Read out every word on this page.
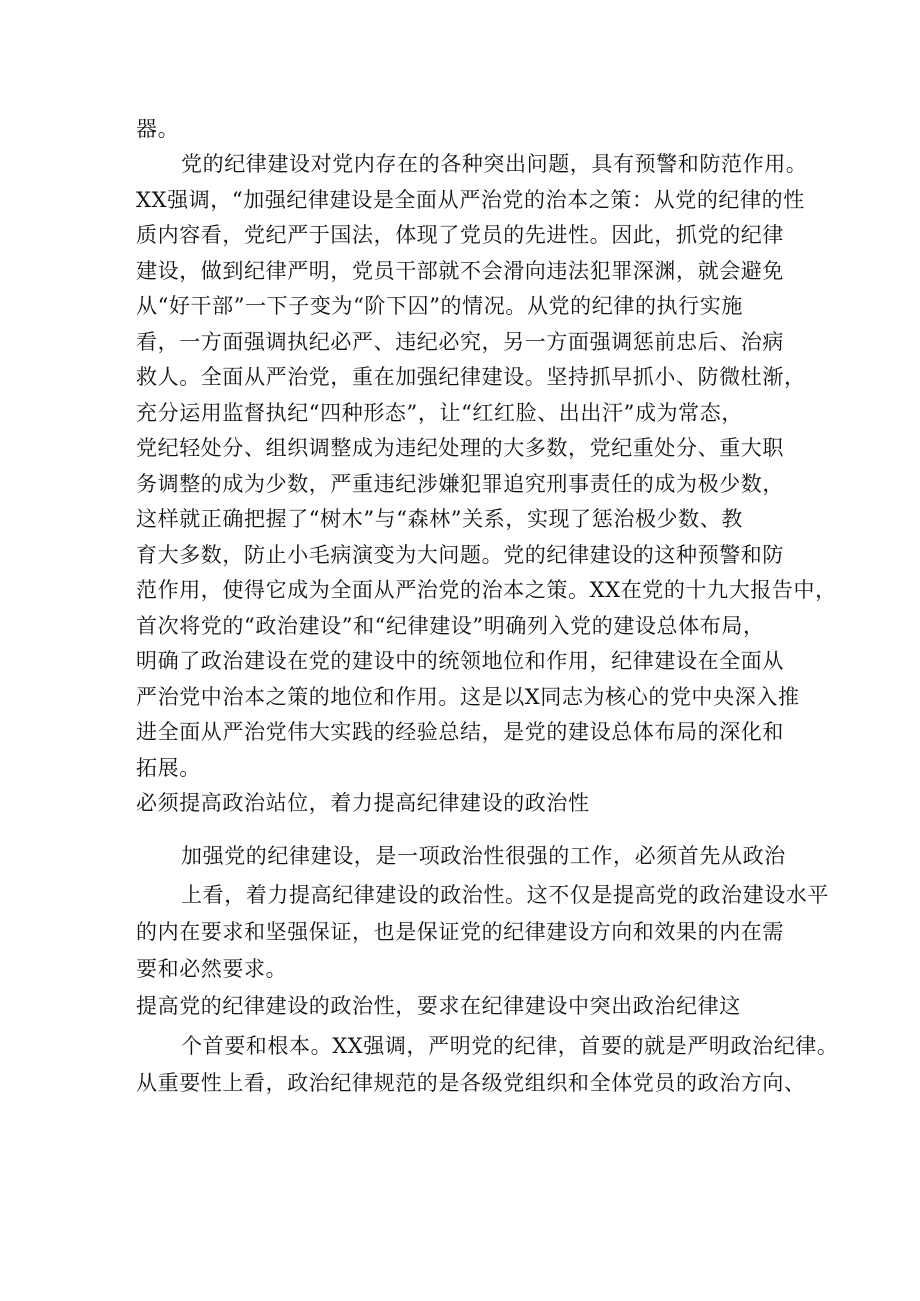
器。
党的纪律建设对党内存在的各种突出问题，具有预警和防范作用。
XX强调，“加强纪律建设是全面从严治党的治本之策：从党的纪律的性
质内容看，党纪严于国法，体现了党员的先进性。因此，抓党的纪律
建设，做到纪律严明，党员干部就不会滑向违法犯罪深渊，就会避免
从“好干部”一下子变为“阶下囚”的情况。从党的纪律的执行实施
看，一方面强调执纪必严、违纪必究，另一方面强调惩前忠后、治病
救人。全面从严治党，重在加强纪律建设。坚持抓早抓小、防微杜渐，
充分运用监督执纪“四种形态”，让“红红脸、出出汗”成为常态，
党纪轻处分、组织调整成为违纪处理的大多数，党纪重处分、重大职
务调整的成为少数，严重违纪涉嫌犯罪追究刑事责任的成为极少数，
这样就正确把握了“树木”与“森林”关系，实现了惩治极少数、教
育大多数，防止小毛病演变为大问题。党的纪律建设的这种预警和防
范作用，使得它成为全面从严治党的治本之策。XX在党的十九大报告中，
首次将党的“政治建设”和“纪律建设”明确列入党的建设总体布局，
明确了政治建设在党的建设中的统领地位和作用，纪律建设在全面从
严治党中治本之策的地位和作用。这是以X同志为核心的党中央深入推
进全面从严治党伟大实践的经验总结，是党的建设总体布局的深化和
拓展。
必须提高政治站位，着力提高纪律建设的政治性
加强党的纪律建设，是一项政治性很强的工作，必须首先从政治
上看，着力提高纪律建设的政治性。这不仅是提高党的政治建设水平
的内在要求和坚强保证，也是保证党的纪律建设方向和效果的内在需
要和必然要求。
提高党的纪律建设的政治性，要求在纪律建设中突出政治纪律这
个首要和根本。XX强调，严明党的纪律，首要的就是严明政治纪律。
从重要性上看，政治纪律规范的是各级党组织和全体党员的政治方向、
